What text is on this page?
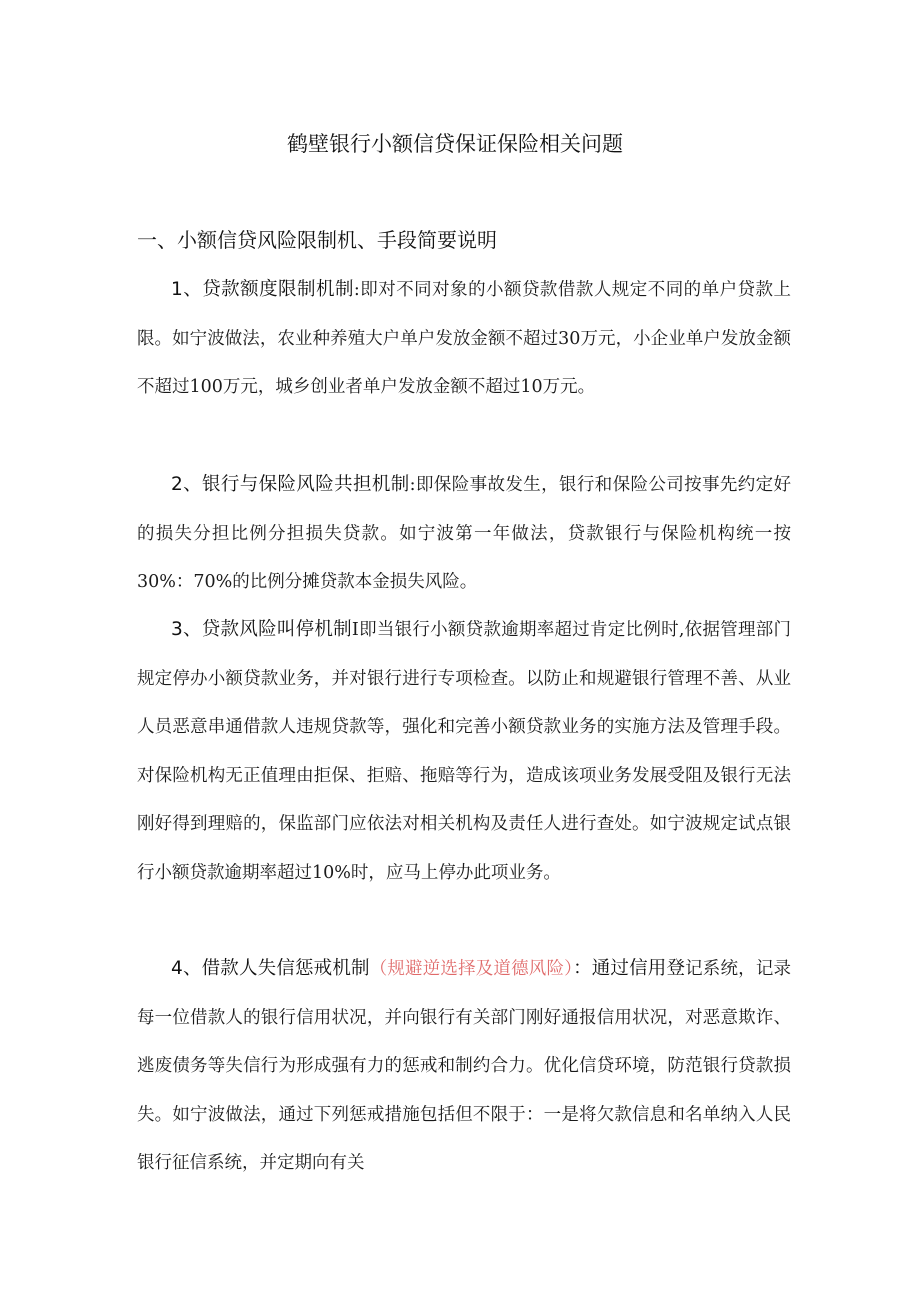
鹤壁银行小额信贷保证保险相关问题
一、小额信贷风险限制机、手段简要说明
1、贷款额度限制机制:即对不同对象的小额贷款借款人规定不同的单户贷款上限。如宁波做法，农业种养殖大户单户发放金额不超过30万元，小企业单户发放金额不超过100万元，城乡创业者单户发放金额不超过10万元。
2、银行与保险风险共担机制:即保险事故发生，银行和保险公司按事先约定好的损失分担比例分担损失贷款。如宁波第一年做法，贷款银行与保险机构统一按30%：70%的比例分摊贷款本金损失风险。
3、贷款风险叫停机制I即当银行小额贷款逾期率超过肯定比例时,依据管理部门规定停办小额贷款业务，并对银行进行专项检查。以防止和规避银行管理不善、从业人员恶意串通借款人违规贷款等，强化和完善小额贷款业务的实施方法及管理手段。对保险机构无正值理由拒保、拒赔、拖赔等行为，造成该项业务发展受阻及银行无法刚好得到理赔的，保监部门应依法对相关机构及责任人进行查处。如宁波规定试点银行小额贷款逾期率超过10%时，应马上停办此项业务。
4、借款人失信惩戒机制（规避逆选择及道德风险）：通过信用登记系统，记录每一位借款人的银行信用状况，并向银行有关部门刚好通报信用状况，对恶意欺诈、逃废债务等失信行为形成强有力的惩戒和制约合力。优化信贷环境，防范银行贷款损失。如宁波做法，通过下列惩戒措施包括但不限于：一是将欠款信息和名单纳入人民银行征信系统，并定期向有关
